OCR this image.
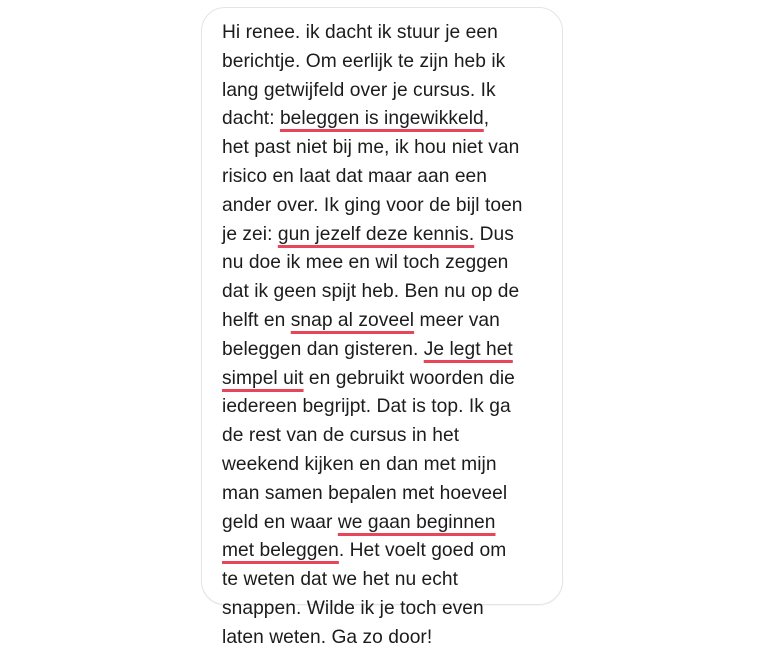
Hi renee. ik dacht ik stuur je een
berichtje. Om eerlijk te zijn heb ik
lang getwijfeld over je cursus. Ik
dacht: beleggen is ingewikkeld,
het past niet bij me, ik hou niet van
risico en laat dat maar aan een
ander over. Ik ging voor de bijl toen
je zei: gun jezelf deze kennis. Dus
nu doe ik mee en wil toch zeggen
dat ik geen spijt heb. Ben nu op de
helft en snap al zoveel meer van
beleggen dan gisteren. Je legt het
simpel uit en gebruikt woorden die
iedereen begrijpt. Dat is top. Ik ga
de rest van de cursus in het
weekend kijken en dan met mijn
man samen bepalen met hoeveel
geld en waar we gaan beginnen
met beleggen. Het voelt goed om
te weten dat we het nu echt
snappen. Wilde ik je toch even
laten weten. Ga zo door!
